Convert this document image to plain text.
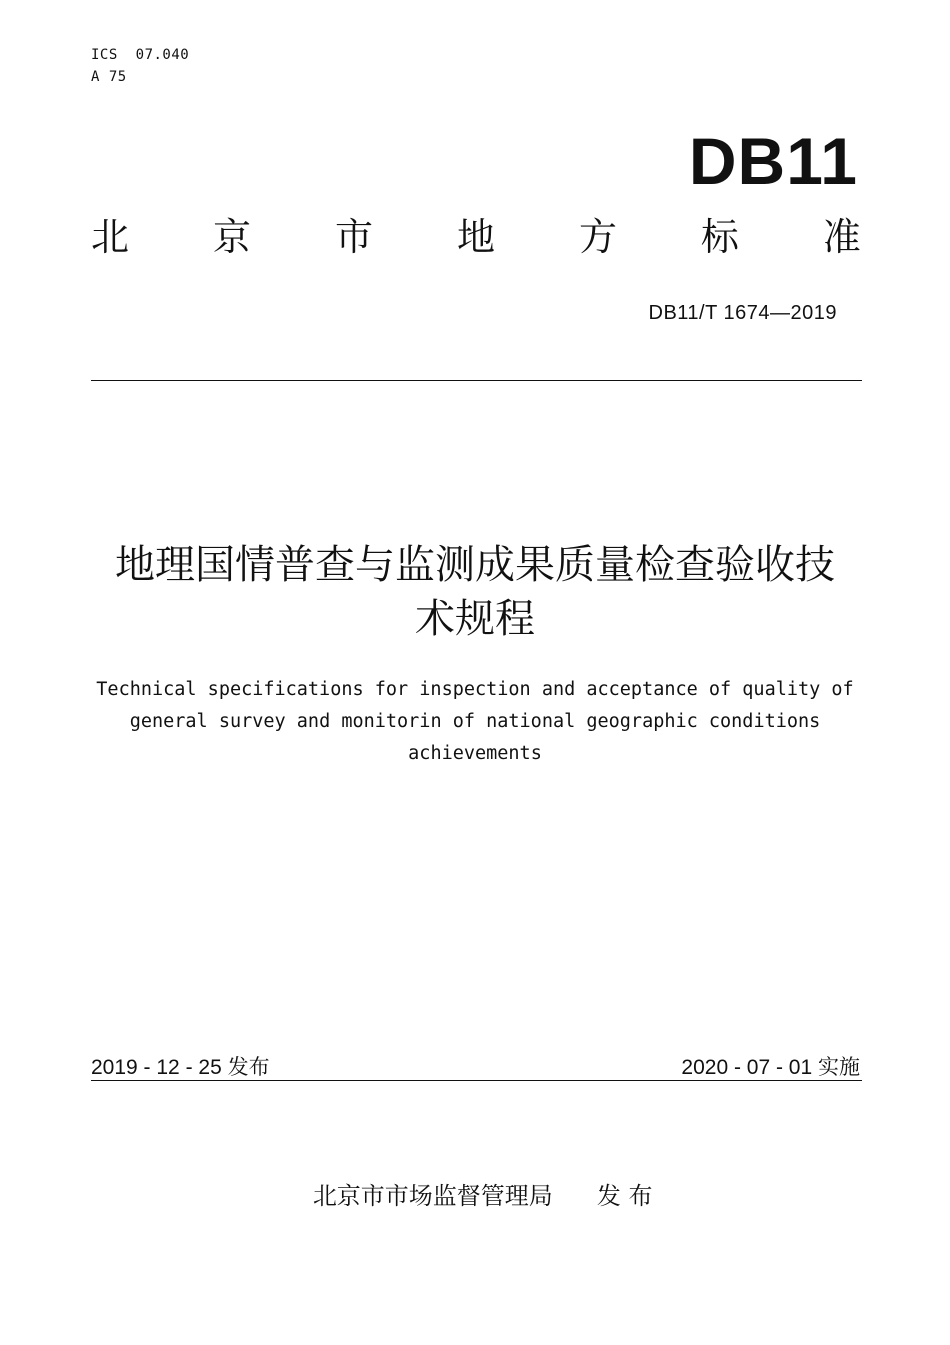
ICS  07.040
A 75
DB11
北 京 市 地 方 标 准
DB11/T 1674—2019
地理国情普查与监测成果质量检查验收技
术规程
Technical specifications for inspection and acceptance of quality of
general survey and monitorin of national geographic conditions
achievements
2019 - 12 - 25 发布	2020 - 07 - 01 实施

北京市市场监督管理局 发 布
